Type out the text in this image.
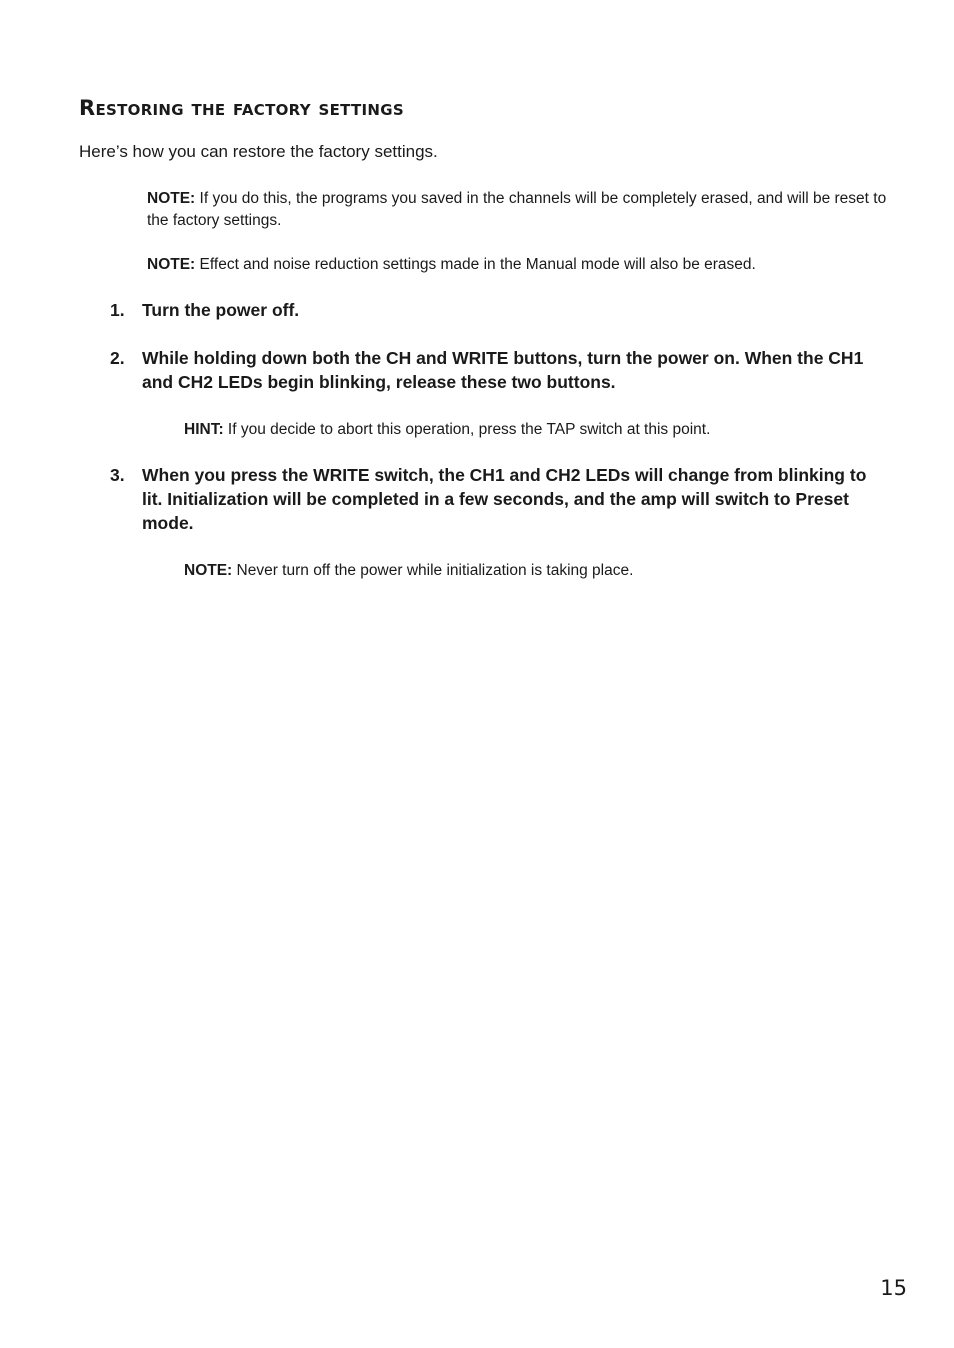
Restoring the factory settings

Here’s how you can restore the factory settings.

NOTE: If you do this, the programs you saved in the channels will be completely erased, and will be reset to the factory settings.

NOTE: Effect and noise reduction settings made in the Manual mode will also be erased.

1. Turn the power off.
2. While holding down both the CH and WRITE buttons, turn the power on. When the CH1 and CH2 LEDs begin blinking, release these two buttons.

HINT: If you decide to abort this operation, press the TAP switch at this point.

3. When you press the WRITE switch, the CH1 and CH2 LEDs will change from blinking to lit. Initialization will be completed in a few seconds, and the amp will switch to Preset mode.

NOTE: Never turn off the power while initialization is taking place.

15
